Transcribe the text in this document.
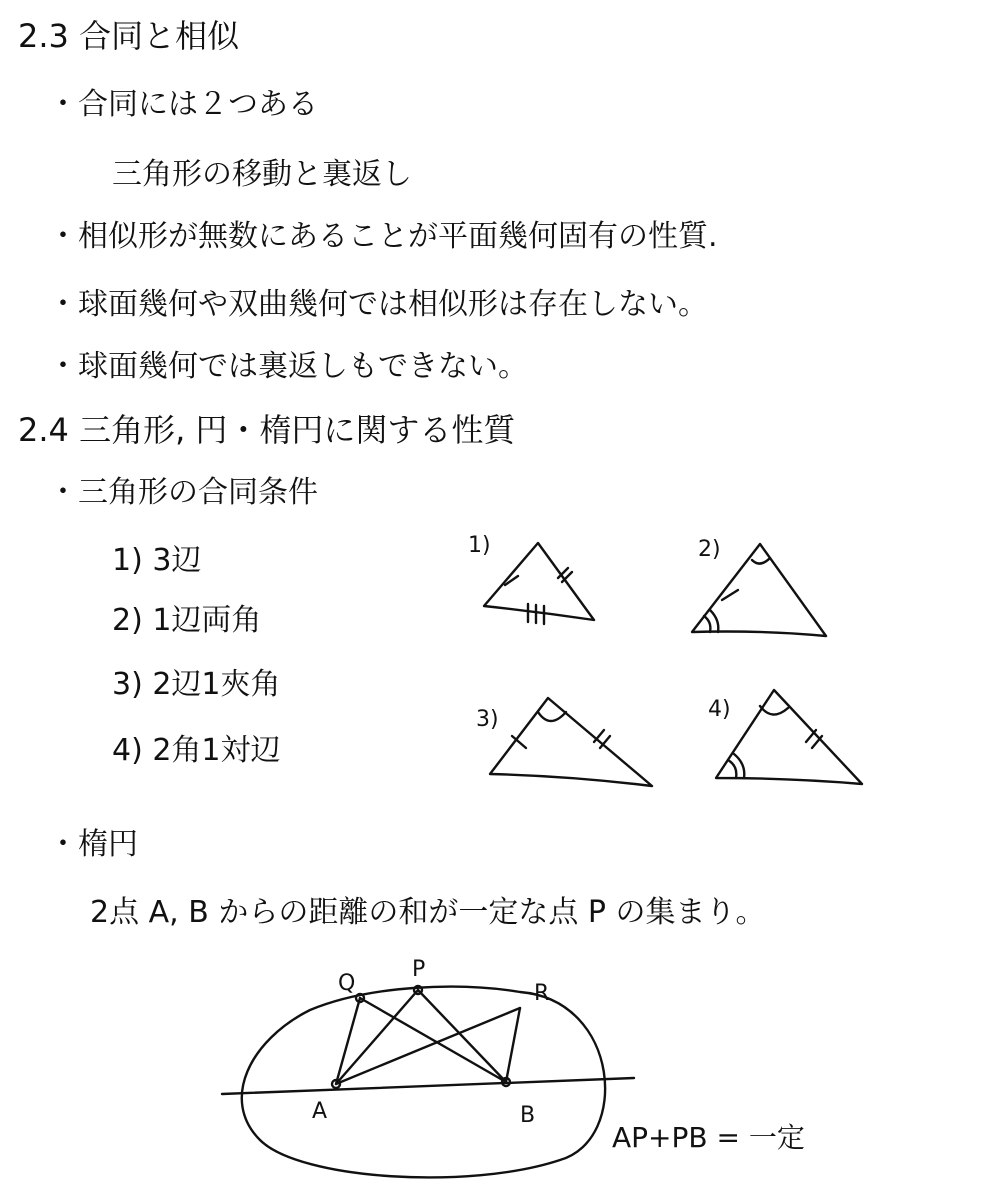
2.3 合同と相似
・合同には２つある
三角形の移動と裏返し
・相似形が無数にあることが平面幾何固有の性質.
・球面幾何や双曲幾何では相似形は存在しない。
・球面幾何では裏返しもできない。
2.4 三角形, 円・楕円に関する性質
・三角形の合同条件
1) 3辺
2) 1辺両角
3) 2辺1夾角
4) 2角1対辺
・楕円
2点 A, B からの距離の和が一定な点 P の集まり。
1)	2)
3)	4)
Q
P
R
A	B
AP+PB = 一定
